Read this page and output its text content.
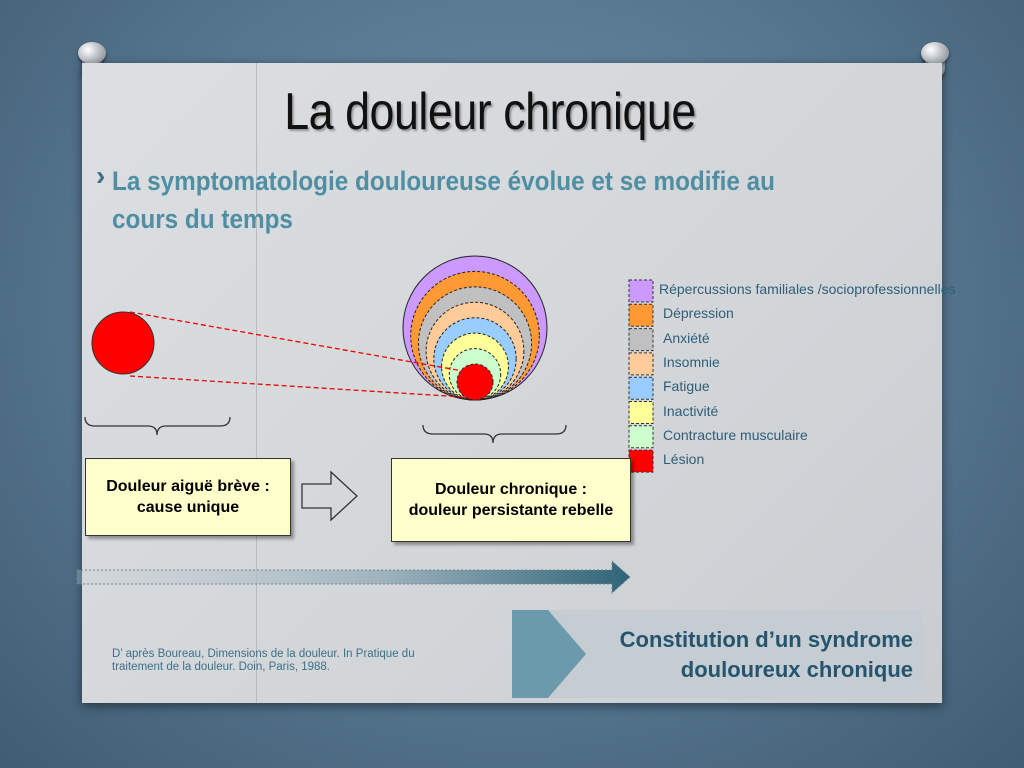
La douleur chronique
› La symptomatologie douloureuse évolue et se modifie au cours du temps
Répercussions familiales /socioprofessionnelles
Dépression
Anxiété
Insomnie
Fatigue
Inactivité
Contracture musculaire
Lésion
Douleur aiguë brève :
cause unique
Douleur chronique :
douleur persistante rebelle
D’ après Boureau, Dimensions de la douleur. In Pratique du traitement de la douleur. Doin, Paris, 1988.
Constitution d’un syndrome
douloureux chronique
